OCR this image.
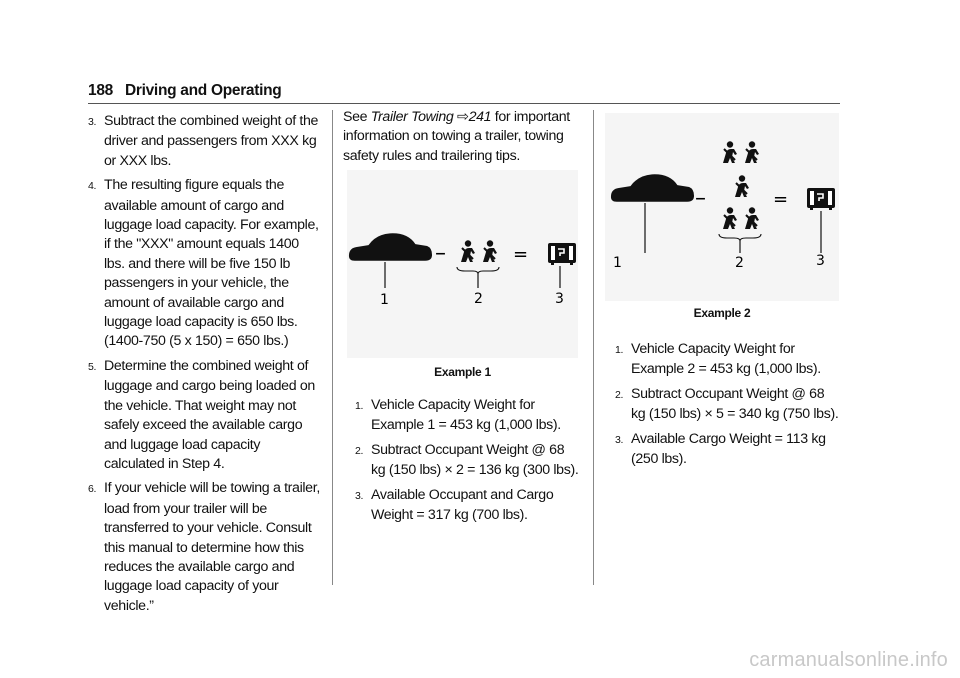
188 Driving and Operating
3. Subtract the combined weight of the driver and passengers from XXX kg or XXX lbs.
4. The resulting figure equals the available amount of cargo and luggage load capacity. For example, if the "XXX" amount equals 1400 lbs. and there will be five 150 lb passengers in your vehicle, the amount of available cargo and luggage load capacity is 650 lbs. (1400-750 (5 x 150) = 650 lbs.)
5. Determine the combined weight of luggage and cargo being loaded on the vehicle. That weight may not safely exceed the available cargo and luggage load capacity calculated in Step 4.
6. If your vehicle will be towing a trailer, load from your trailer will be transferred to your vehicle. Consult this manual to determine how this reduces the available cargo and luggage load capacity of your vehicle.”
See Trailer Towing ⇨241 for important information on towing a trailer, towing safety rules and trailering tips.
–	=
1	2	3
Example 1
1. Vehicle Capacity Weight for Example 1 = 453 kg (1,000 lbs).
2. Subtract Occupant Weight @ 68 kg (150 lbs) × 2 = 136 kg (300 lbs).
3. Available Occupant and Cargo Weight = 317 kg (700 lbs).
–	=
1	2	3
Example 2
1. Vehicle Capacity Weight for Example 2 = 453 kg (1,000 lbs).
2. Subtract Occupant Weight @ 68 kg (150 lbs) × 5 = 340 kg (750 lbs).
3. Available Cargo Weight = 113 kg (250 lbs).
carmanualsonline.info
